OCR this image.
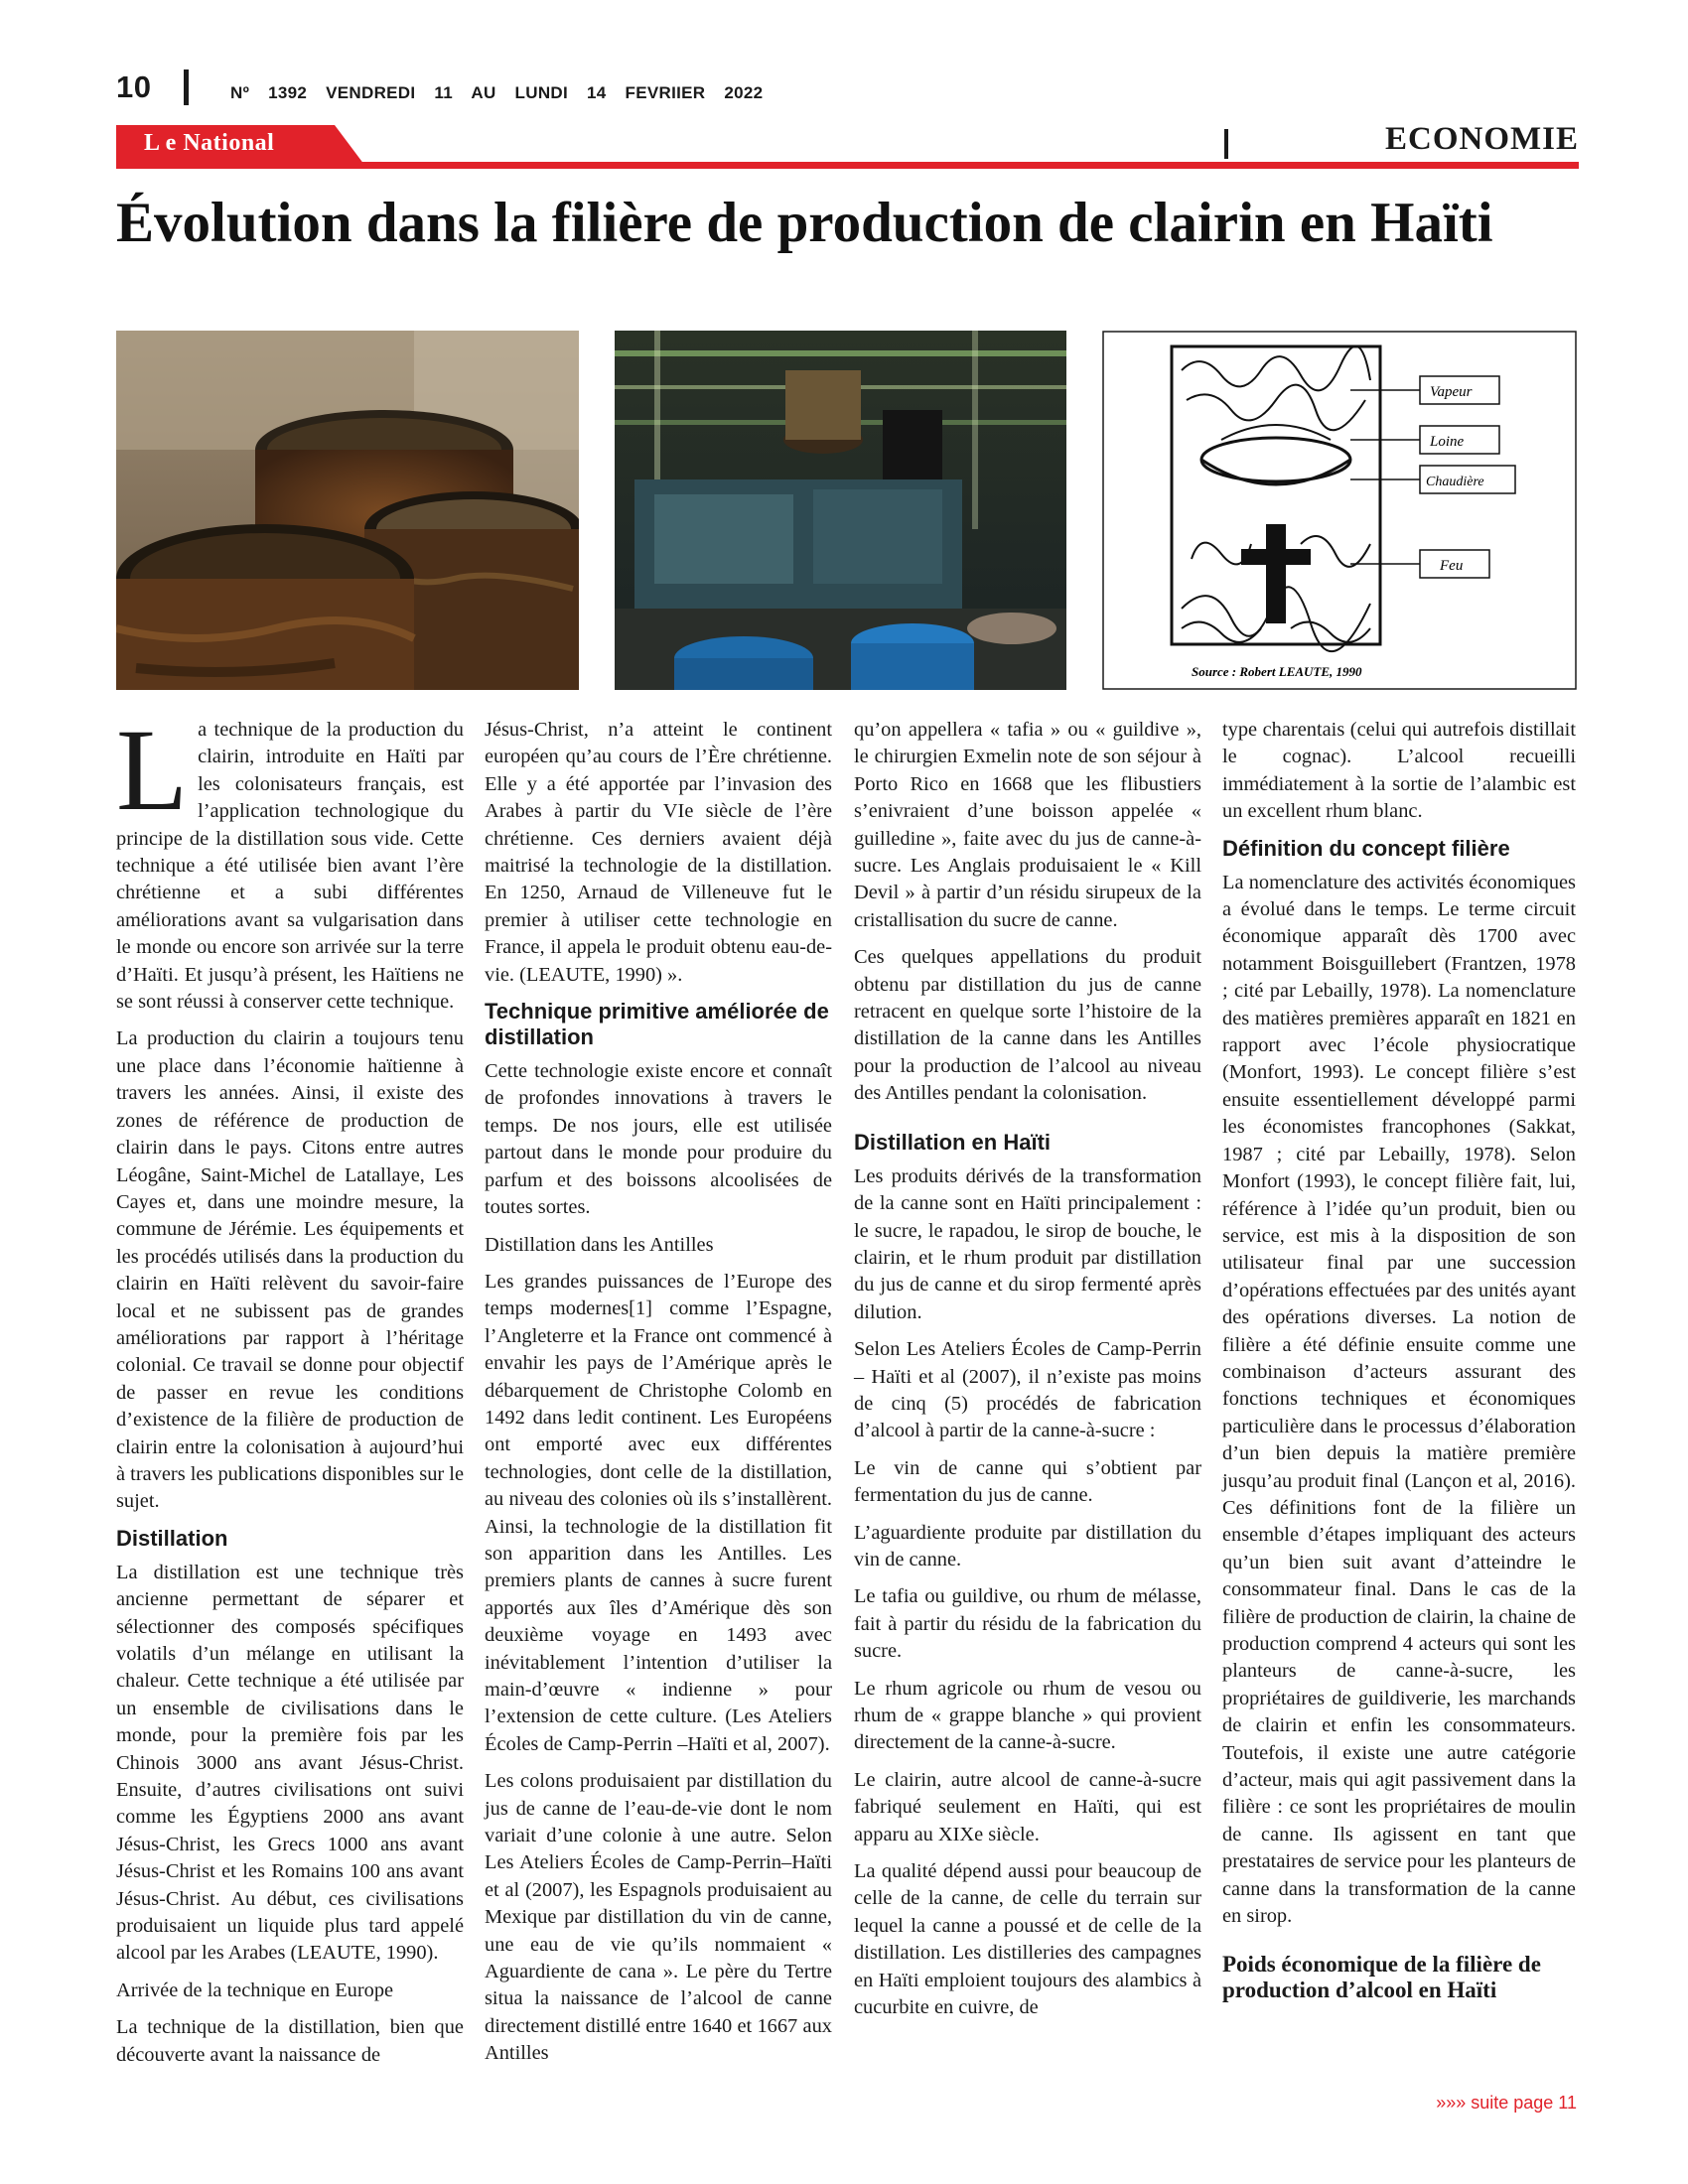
10	Nº 1392 VENDREDI 11 AU LUNDI 14 FEVRIIER 2022
L e National	ECONOMIE
Évolution dans la filière de production de clairin en Haïti
Vapeur
Loine
Chaudière
Feu
Source : Robert LEAUTE, 1990

La technique de la production du clairin, introduite en Haïti par les colonisateurs français, est l’application technologique du principe de la distillation sous vide. Cette technique a été utilisée bien avant l’ère chrétienne et a subi différentes améliorations avant sa vulgarisation dans le monde ou encore son arrivée sur la terre d’Haïti. Et jusqu’à présent, les Haïtiens ne se sont réussi à conserver cette technique.

La production du clairin a toujours tenu une place dans l’économie haïtienne à travers les années. Ainsi, il existe des zones de référence de production de clairin dans le pays. Citons entre autres Léogâne, Saint-Michel de Latallaye, Les Cayes et, dans une moindre mesure, la commune de Jérémie. Les équipements et les procédés utilisés dans la production du clairin en Haïti relèvent du savoir-faire local et ne subissent pas de grandes améliorations par rapport à l’héritage colonial. Ce travail se donne pour objectif de passer en revue les conditions d’existence de la filière de production de clairin entre la colonisation à aujourd’hui à travers les publications disponibles sur le sujet.

Distillation

La distillation est une technique très ancienne permettant de séparer et sélectionner des composés spécifiques volatils d’un mélange en utilisant la chaleur. Cette technique a été utilisée par un ensemble de civilisations dans le monde, pour la première fois par les Chinois 3000 ans avant Jésus-Christ. Ensuite, d’autres civilisations ont suivi comme les Égyptiens 2000 ans avant Jésus-Christ, les Grecs 1000 ans avant Jésus-Christ et les Romains 100 ans avant Jésus-Christ. Au début, ces civilisations produisaient un liquide plus tard appelé alcool par les Arabes (LEAUTE, 1990).

Arrivée de la technique en Europe

La technique de la distillation, bien que découverte avant la naissance de

Jésus-Christ, n’a atteint le continent européen qu’au cours de l’Ère chrétienne. Elle y a été apportée par l’invasion des Arabes à partir du VIe siècle de l’ère chrétienne. Ces derniers avaient déjà maitrisé la technologie de la distillation. En 1250, Arnaud de Villeneuve fut le premier à utiliser cette technologie en France, il appela le produit obtenu eau-de-vie. (LEAUTE, 1990) ».

Technique primitive améliorée de distillation

Cette technologie existe encore et connaît de profondes innovations à travers le temps. De nos jours, elle est utilisée partout dans le monde pour produire du parfum et des boissons alcoolisées de toutes sortes.

Distillation dans les Antilles

Les grandes puissances de l’Europe des temps modernes[1] comme l’Espagne, l’Angleterre et la France ont commencé à envahir les pays de l’Amérique après le débarquement de Christophe Colomb en 1492 dans ledit continent. Les Européens ont emporté avec eux différentes technologies, dont celle de la distillation, au niveau des colonies où ils s’installèrent. Ainsi, la technologie de la distillation fit son apparition dans les Antilles. Les premiers plants de cannes à sucre furent apportés aux îles d’Amérique dès son deuxième voyage en 1493 avec inévitablement l’intention d’utiliser la main-d’œuvre « indienne » pour l’extension de cette culture. (Les Ateliers Écoles de Camp-Perrin –Haïti et al, 2007).

Les colons produisaient par distillation du jus de canne de l’eau-de-vie dont le nom variait d’une colonie à une autre. Selon Les Ateliers Écoles de Camp-Perrin–Haïti et al (2007), les Espagnols produisaient au Mexique par distillation du vin de canne, une eau de vie qu’ils nommaient « Aguardiente de cana ». Le père du Tertre situa la naissance de l’alcool de canne directement distillé entre 1640 et 1667 aux Antilles

qu’on appellera « tafia » ou « guildive », le chirurgien Exmelin note de son séjour à Porto Rico en 1668 que les flibustiers s’enivraient d’une boisson appelée « guilledine », faite avec du jus de canne-à-sucre. Les Anglais produisaient le « Kill Devil » à partir d’un résidu sirupeux de la cristallisation du sucre de canne.

Ces quelques appellations du produit obtenu par distillation du jus de canne retracent en quelque sorte l’histoire de la distillation de la canne dans les Antilles pour la production de l’alcool au niveau des Antilles pendant la colonisation.

Distillation en Haïti

Les produits dérivés de la transformation de la canne sont en Haïti principalement : le sucre, le rapadou, le sirop de bouche, le clairin, et le rhum produit par distillation du jus de canne et du sirop fermenté après dilution.

Selon Les Ateliers Écoles de Camp-Perrin – Haïti et al (2007), il n’existe pas moins de cinq (5) procédés de fabrication d’alcool à partir de la canne-à-sucre :

Le vin de canne qui s’obtient par fermentation du jus de canne.

L’aguardiente produite par distillation du vin de canne.

Le tafia ou guildive, ou rhum de mélasse, fait à partir du résidu de la fabrication du sucre.

Le rhum agricole ou rhum de vesou ou rhum de « grappe blanche » qui provient directement de la canne-à-sucre.

Le clairin, autre alcool de canne-à-sucre fabriqué seulement en Haïti, qui est apparu au XIXe siècle.

La qualité dépend aussi pour beaucoup de celle de la canne, de celle du terrain sur lequel la canne a poussé et de celle de la distillation. Les distilleries des campagnes en Haïti emploient toujours des alambics à cucurbite en cuivre, de

type charentais (celui qui autrefois distillait le cognac). L’alcool recueilli immédiatement à la sortie de l’alambic est un excellent rhum blanc.

Définition du concept filière

La nomenclature des activités économiques a évolué dans le temps. Le terme circuit économique apparaît dès 1700 avec notamment Boisguillebert (Frantzen, 1978 ; cité par Lebailly, 1978). La nomenclature des matières premières apparaît en 1821 en rapport avec l’école physiocratique (Monfort, 1993). Le concept filière s’est ensuite essentiellement développé parmi les économistes francophones (Sakkat, 1987 ; cité par Lebailly, 1978). Selon Monfort (1993), le concept filière fait, lui, référence à l’idée qu’un produit, bien ou service, est mis à la disposition de son utilisateur final par une succession d’opérations effectuées par des unités ayant des opérations diverses. La notion de filière a été définie ensuite comme une combinaison d’acteurs assurant des fonctions techniques et économiques particulière dans le processus d’élaboration d’un bien depuis la matière première jusqu’au produit final (Lançon et al, 2016). Ces définitions font de la filière un ensemble d’étapes impliquant des acteurs qu’un bien suit avant d’atteindre le consommateur final. Dans le cas de la filière de production de clairin, la chaine de production comprend 4 acteurs qui sont les planteurs de canne-à-sucre, les propriétaires de guildiverie, les marchands de clairin et enfin les consommateurs. Toutefois, il existe une autre catégorie d’acteur, mais qui agit passivement dans la filière : ce sont les propriétaires de moulin de canne. Ils agissent en tant que prestataires de service pour les planteurs de canne dans la transformation de la canne en sirop.

Poids économique de la filière de production d’alcool en Haïti
»»» suite page 11
